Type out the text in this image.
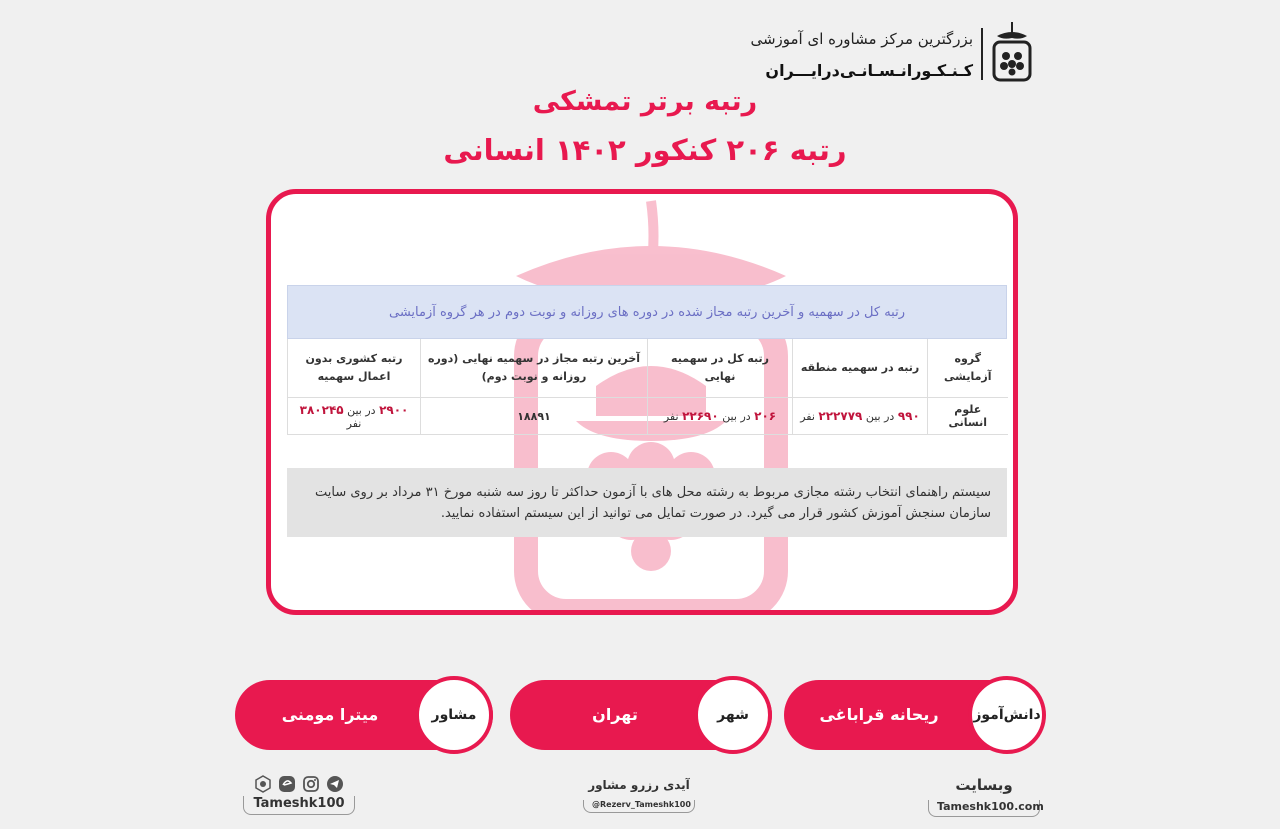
بزرگترین مرکز مشاوره ای آموزشی
کـنـکـورانـسـانـی‌درایـــران
رتبه برتر تمشکی
رتبه ۲۰۶ کنکور ۱۴۰۲ انسانی
رتبه کل در سهمیه و آخرین رتبه مجاز شده در دوره های روزانه و نوبت دوم در هر گروه آزمایشی
گروه آزمایشی	رتبه در سهمیه منطقه	رتبه کل در سهمیه نهایی	آخرین رتبه مجاز در سهمیه نهایی (دوره روزانه و نوبت دوم)	رتبه کشوری بدون اعمال سهمیه
علوم انسانی	۹۹۰ در بین ۲۲۲۷۷۹ نفر	۲۰۶ در بین ۲۲۶۹۰ نفر	۱۸۸۹۱	۲۹۰۰ در بین ۳۸۰۲۴۵ نفر
سیستم راهنمای انتخاب رشته مجازی مربوط به رشته محل های با آزمون حداکثر تا روز سه شنبه مورخ ۳۱ مرداد بر روی سایت سازمان سنجش آموزش کشور قرار می گیرد. در صورت تمایل می توانید از این سیستم استفاده نمایید.
ریحانه قراباغی	دانش‌آموز
تهران	شهر
میترا مومنی	مشاور
وبسایت
Tameshk100.com
آیدی رزرو مشاور
@Rezerv_Tameshk100
Tameshk100
